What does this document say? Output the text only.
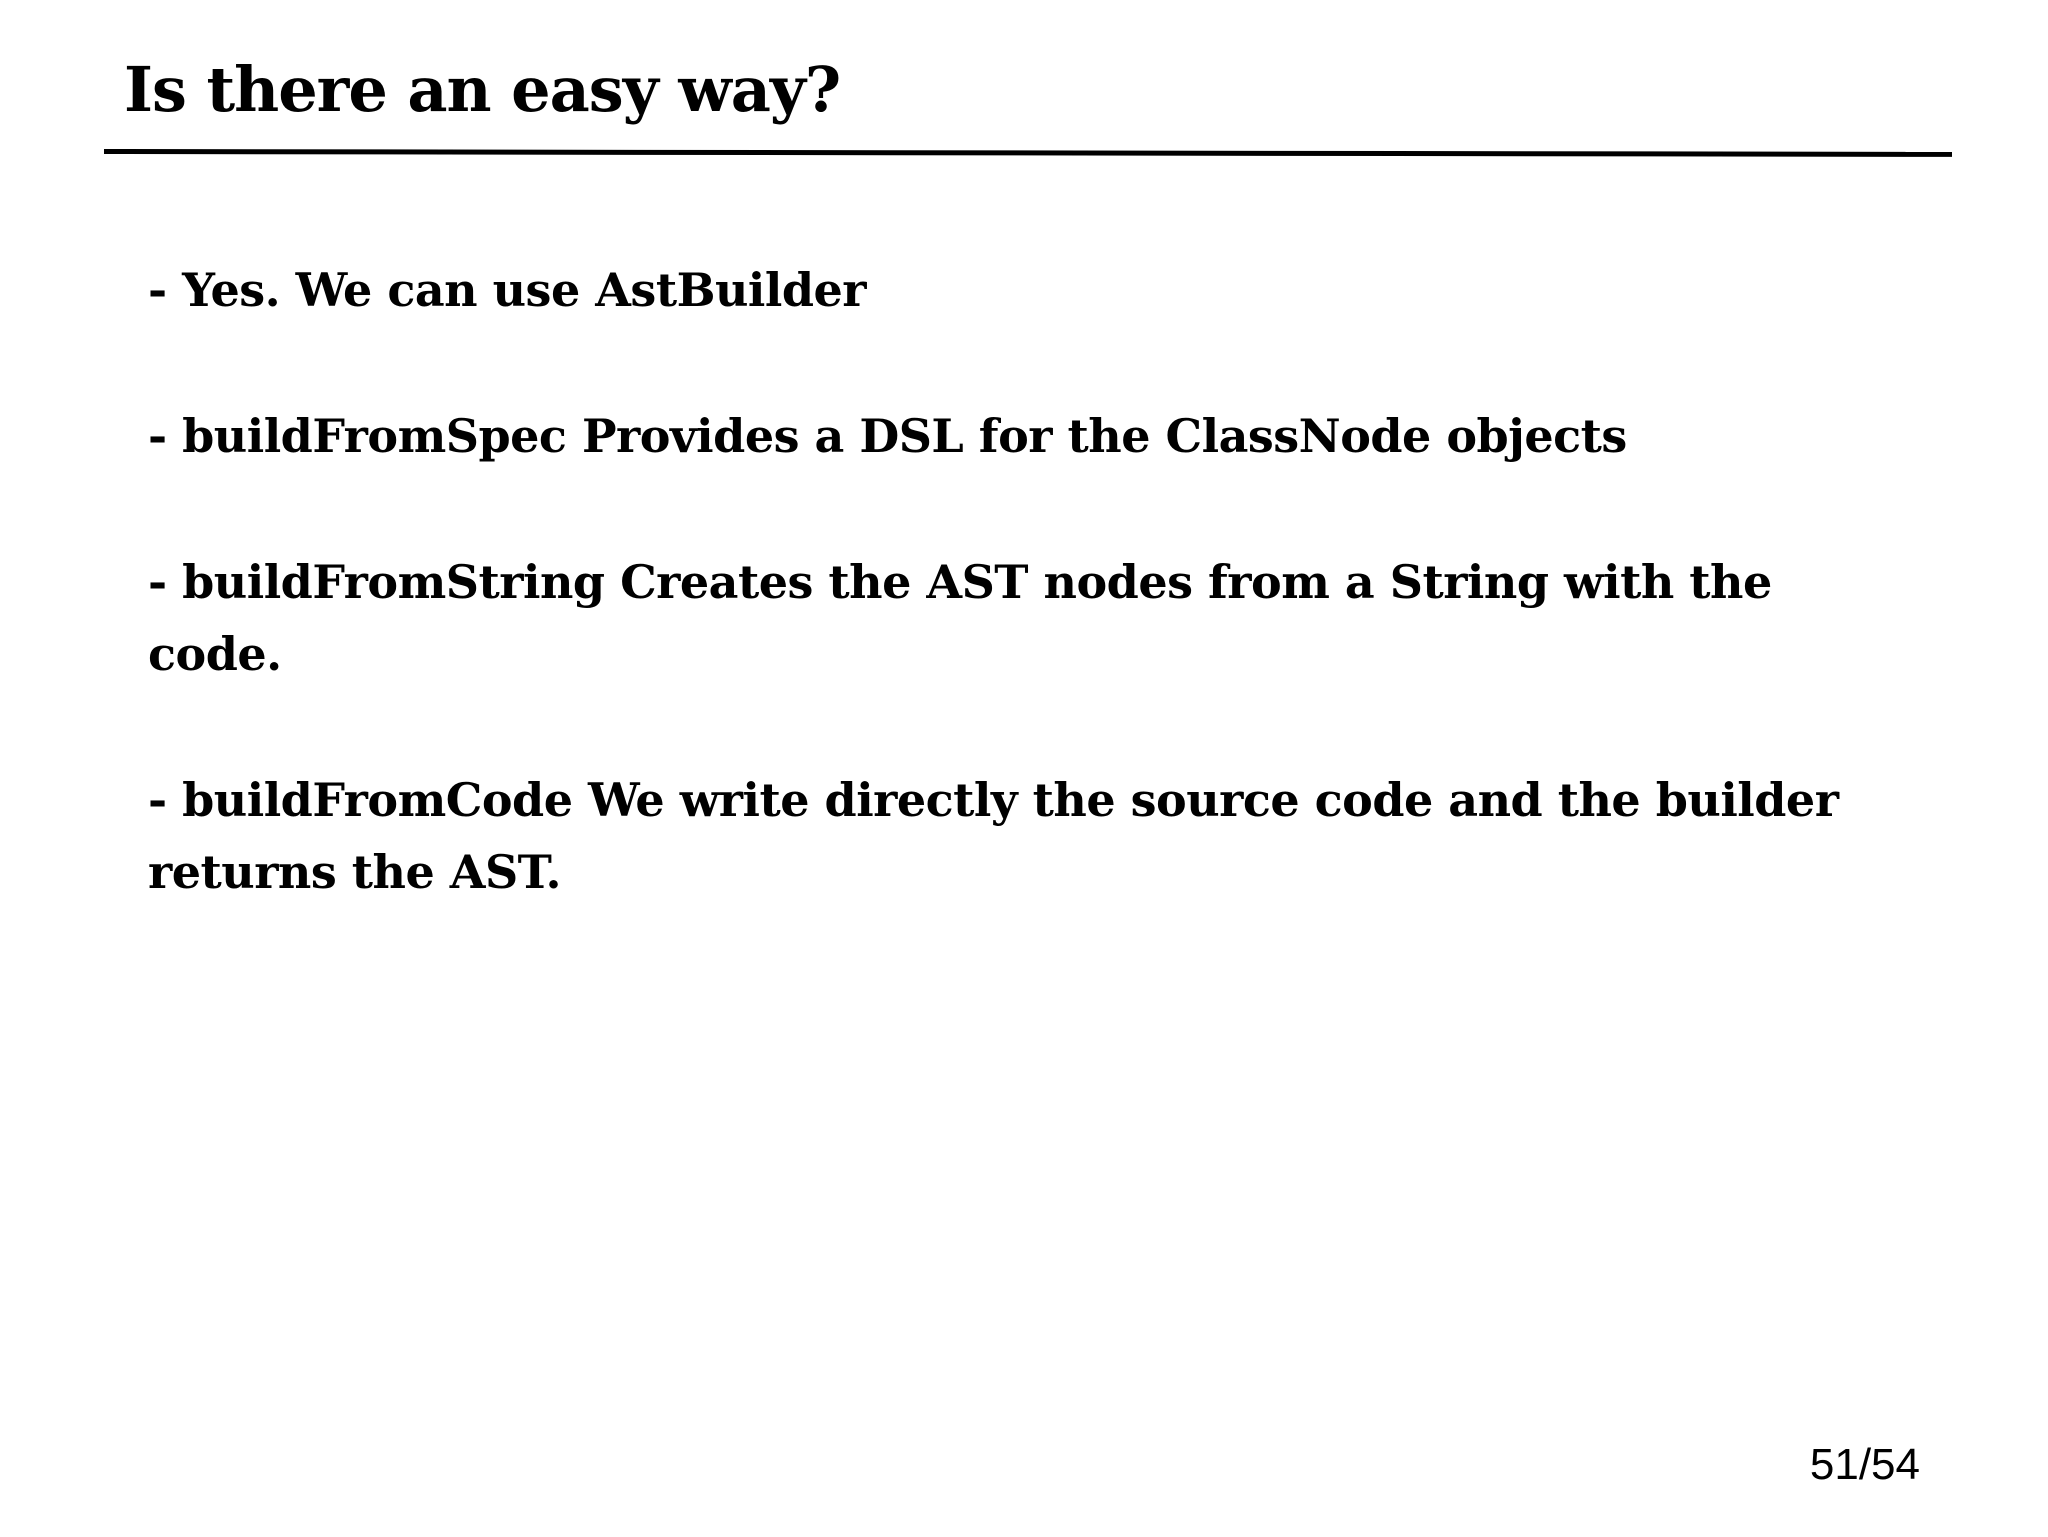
Is there an easy way?
- Yes. We can use AstBuilder
- buildFromSpec Provides a DSL for the ClassNode objects
- buildFromString Creates the AST nodes from a String with the code.
- buildFromCode We write directly the source code and the builder returns the AST.
51/54
